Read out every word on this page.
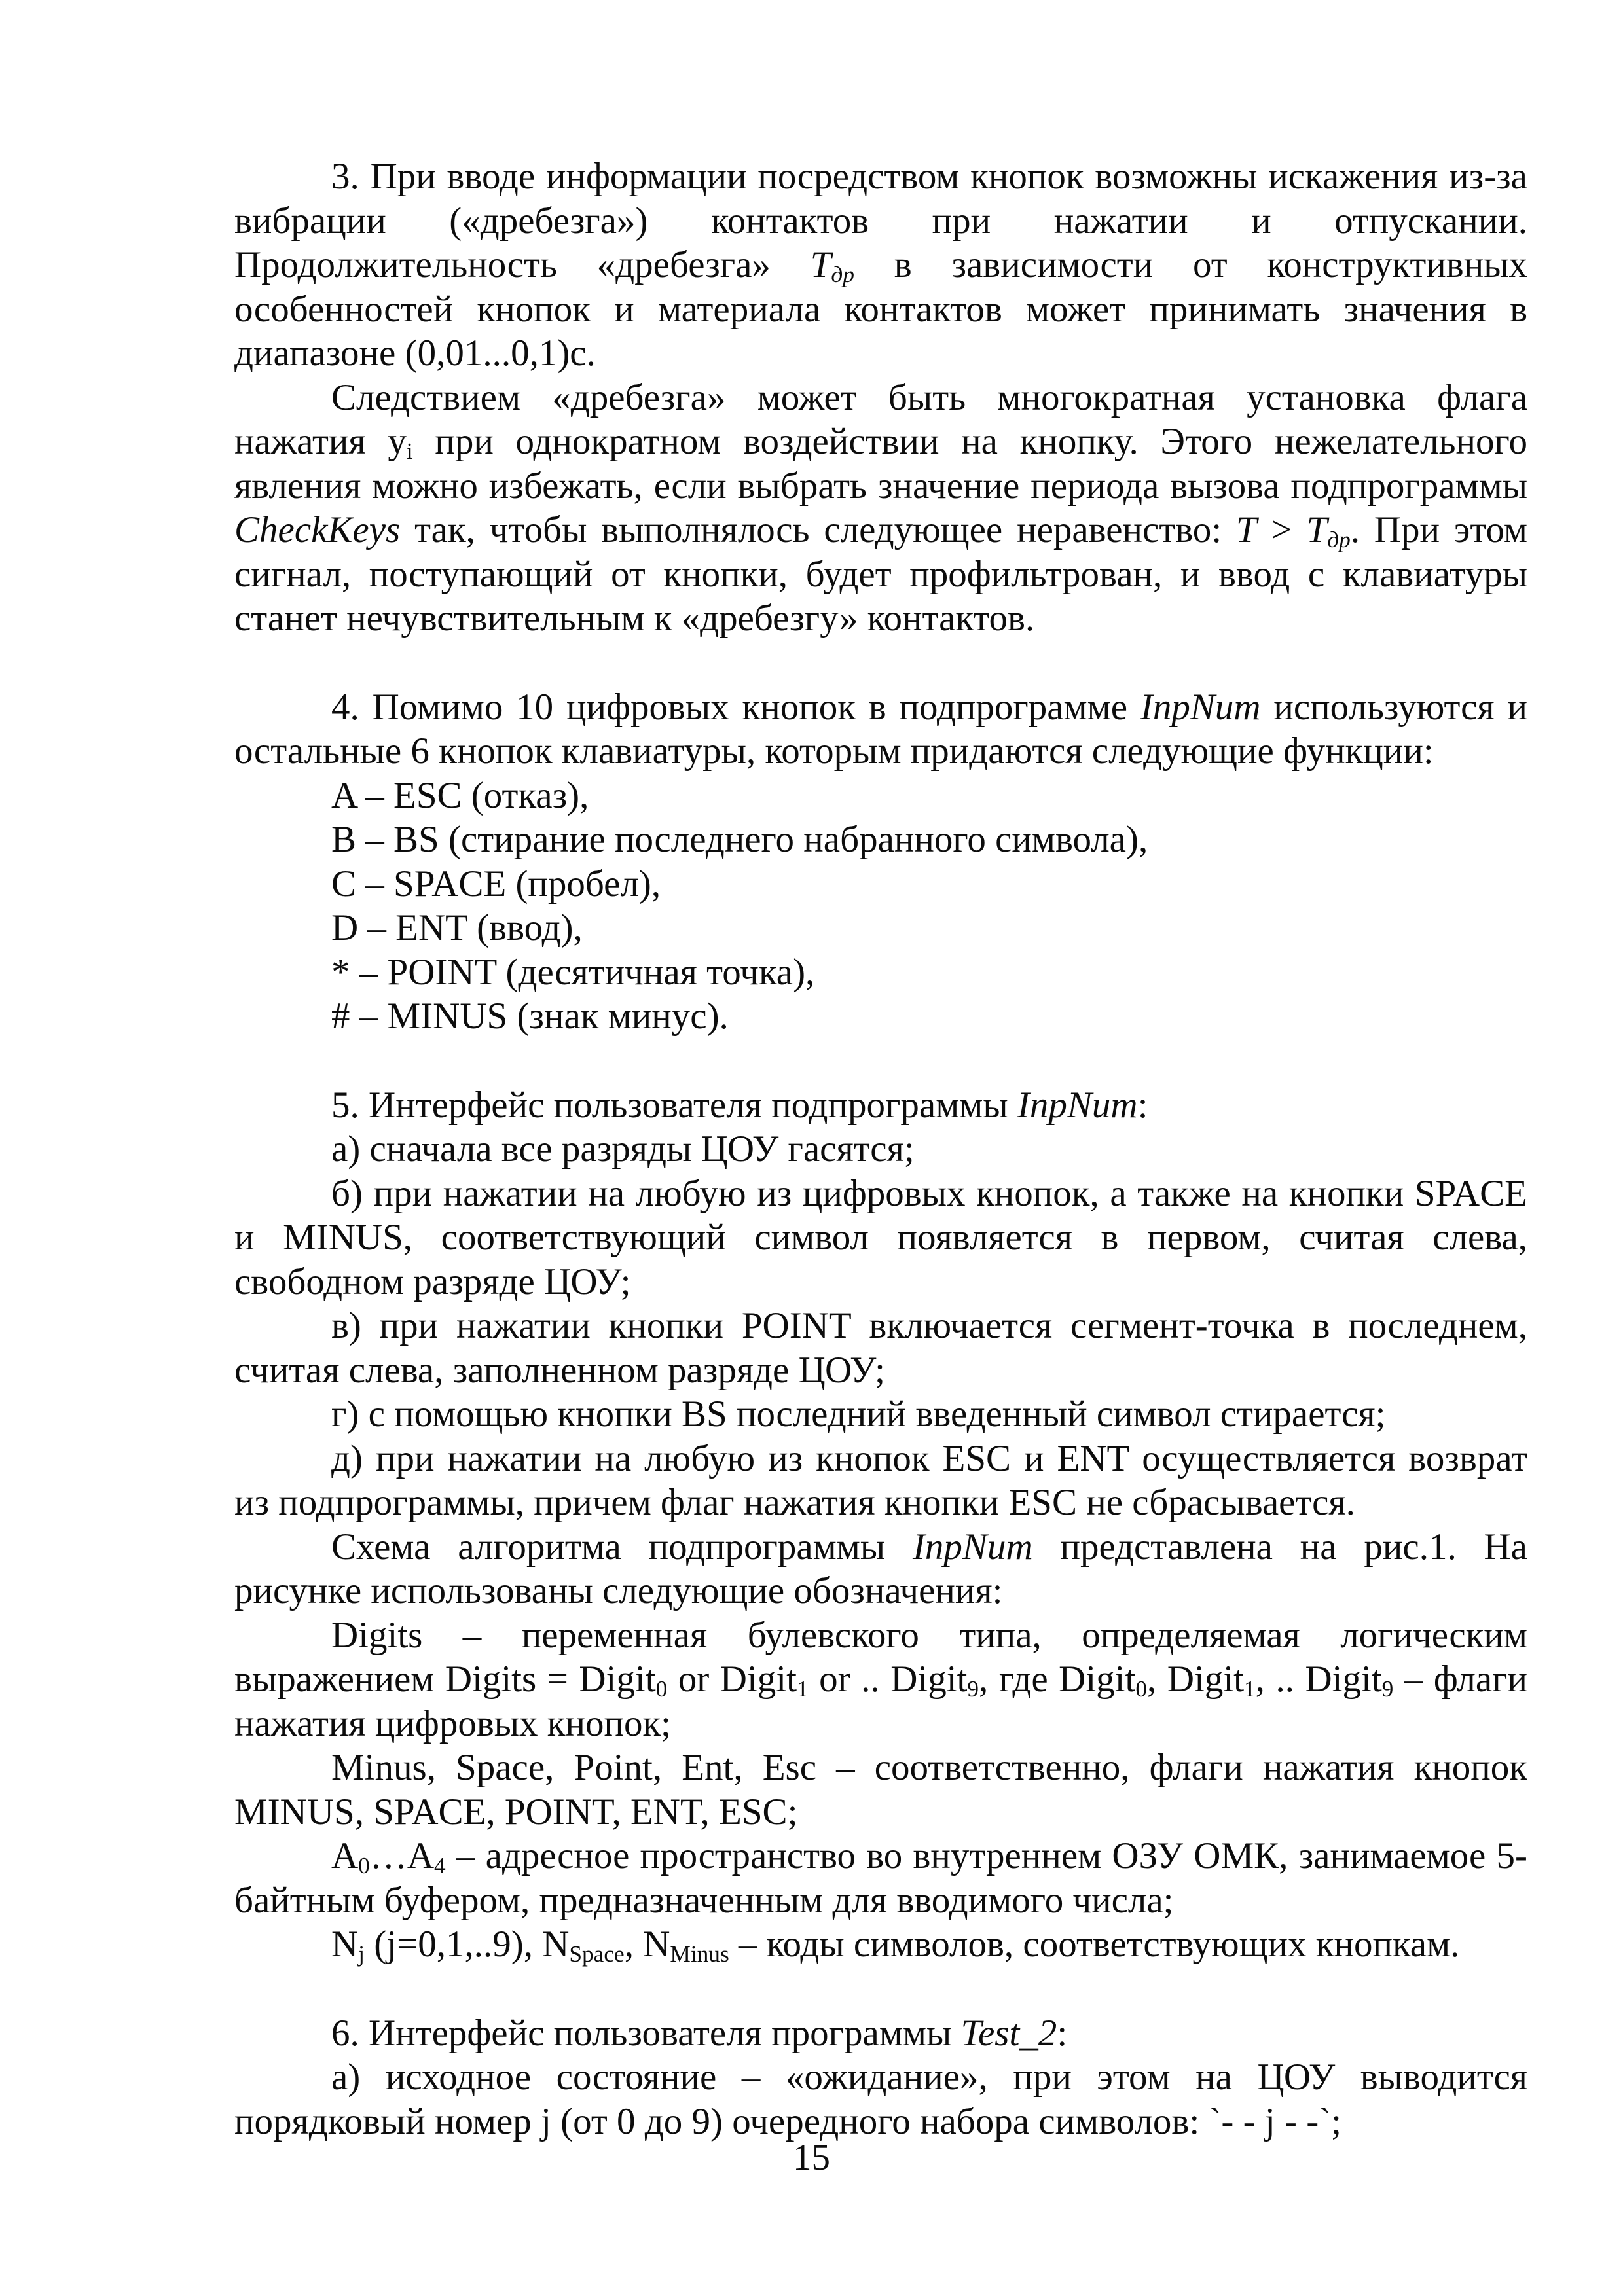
3. При вводе информации посредством кнопок возможны искажения из-за вибрации («дребезга») контактов при нажатии и отпускании. Продолжительность «дребезга» $T_{др}$ в зависимости от конструктивных особенностей кнопок и материала контактов может принимать значения в диапазоне (0,01...0,1)с.

Следствием «дребезга» может быть многократная установка флага нажатия $y_i$ при однократном воздействии на кнопку. Этого нежелательного явления можно избежать, если выбрать значение периода вызова подпрограммы CheckKeys так, чтобы выполнялось следующее неравенство: $T > T_{др}$. При этом сигнал, поступающий от кнопки, будет профильтрован, и ввод с клавиатуры станет нечувствительным к «дребезгу» контактов.

4. Помимо 10 цифровых кнопок в подпрограмме InpNum используются и остальные 6 кнопок клавиатуры, которым придаются следующие функции:

A – ESC (отказ),

B – BS (стирание последнего набранного символа),

C – SPACE (пробел),

D – ENT (ввод),

* – POINT (десятичная точка),

# – MINUS (знак минус).

5. Интерфейс пользователя подпрограммы InpNum:

а) сначала все разряды ЦОУ гасятся;

б) при нажатии на любую из цифровых кнопок, а также на кнопки SPACE и MINUS, соответствующий символ появляется в первом, считая слева, свободном разряде ЦОУ;

в) при нажатии кнопки POINT включается сегмент-точка в последнем, считая слева, заполненном разряде ЦОУ;

г) с помощью кнопки BS последний введенный символ стирается;

д) при нажатии на любую из кнопок ESC и ENT осуществляется возврат из подпрограммы, причем флаг нажатия кнопки ESC не сбрасывается.

Схема алгоритма подпрограммы InpNum представлена на рис.1. На рисунке использованы следующие обозначения:

Digits – переменная булевского типа, определяемая логическим выражением Digits = Digit$_0$ or Digit$_1$ or .. Digit$_9$, где Digit$_0$, Digit$_1$, .. Digit$_9$ – флаги нажатия цифровых кнопок;

Minus, Space, Point, Ent, Esc – соответственно, флаги нажатия кнопок MINUS, SPACE, POINT, ENT, ESC;

$A_0\dots A_4$ – адресное пространство во внутреннем ОЗУ ОМК, занимаемое 5-байтным буфером, предназначенным для вводимого числа;

$N_j$ (j=0,1,..9), $N_{Space}$, $N_{Minus}$ – коды символов, соответствующих кнопкам.

6. Интерфейс пользователя программы Test_2:

а) исходное состояние – «ожидание», при этом на ЦОУ выводится порядковый номер j (от 0 до 9) очередного набора символов: `- - j - -`;

15
